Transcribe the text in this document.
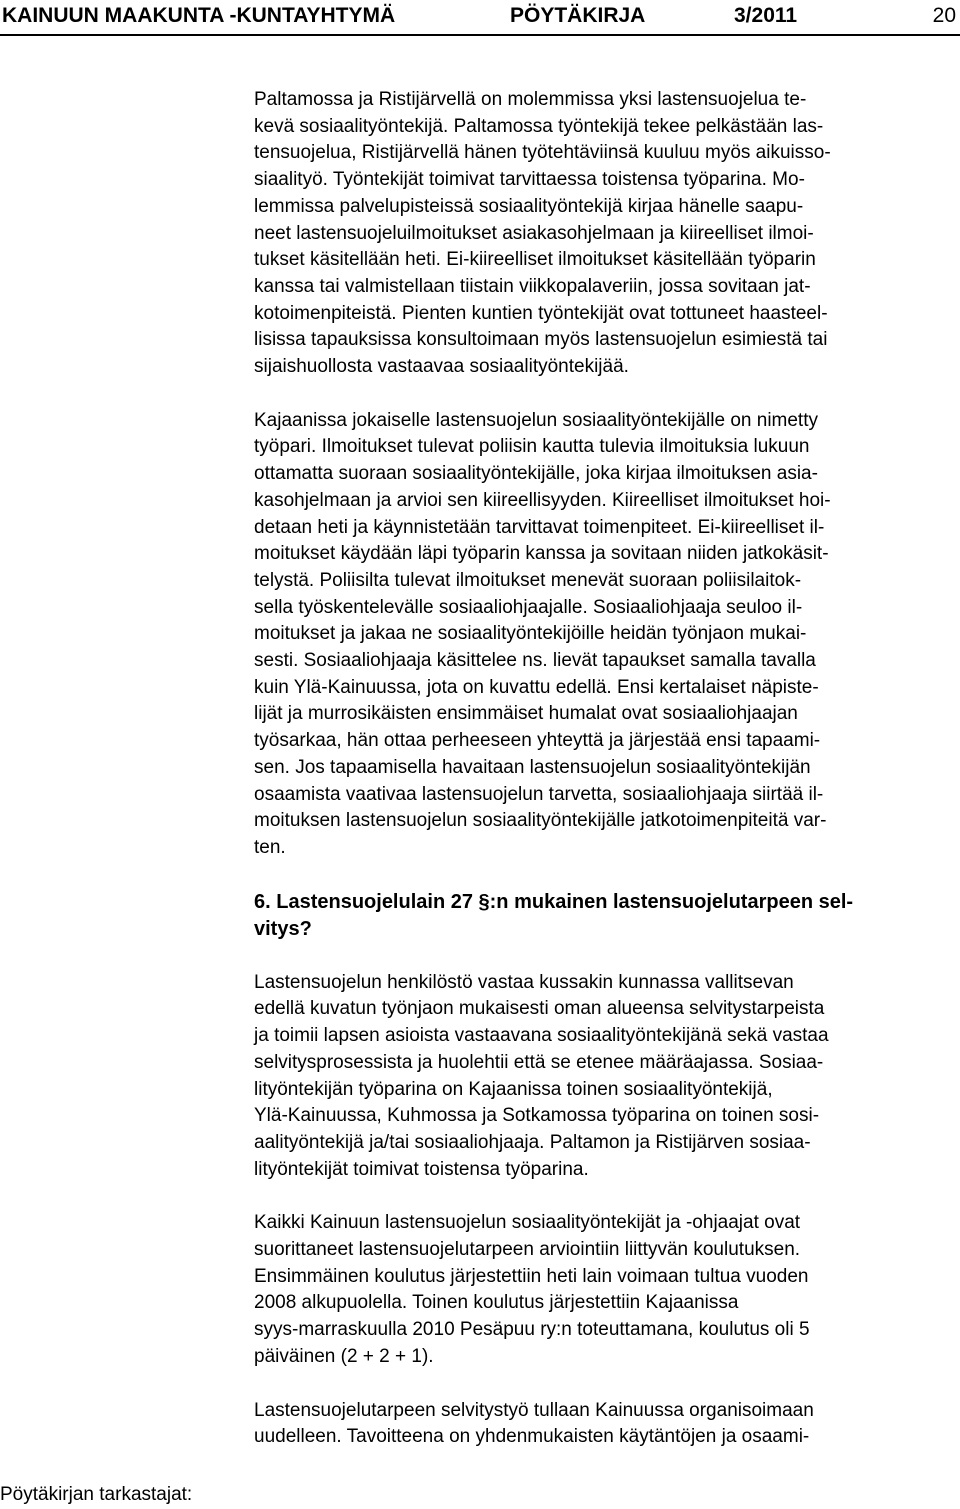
KAINUUN MAAKUNTA -KUNTAYHTYMÄ	PÖYTÄKIRJA	3/2011	20
Paltamossa ja Ristijärvellä on molemmissa yksi lastensuojelua te-
kevä sosiaalityöntekijä. Paltamossa työntekijä tekee pelkästään las-
tensuojelua, Ristijärvellä hänen työtehtäviinsä kuuluu myös aikuisso-
siaalityö. Työntekijät toimivat tarvittaessa toistensa työparina. Mo-
lemmissa palvelupisteissä sosiaalityöntekijä kirjaa hänelle saapu-
neet lastensuojeluilmoitukset asiakasohjelmaan ja kiireelliset ilmoi-
tukset käsitellään heti. Ei-kiireelliset ilmoitukset käsitellään työparin
kanssa tai valmistellaan tiistain viikkopalaveriin, jossa sovitaan jat-
kotoimenpiteistä. Pienten kuntien työntekijät ovat tottuneet haasteel-
lisissa tapauksissa konsultoimaan myös lastensuojelun esimiestä tai
sijaishuollosta vastaavaa sosiaalityöntekijää.
Kajaanissa jokaiselle lastensuojelun sosiaalityöntekijälle on nimetty
työpari. Ilmoitukset tulevat poliisin kautta tulevia ilmoituksia lukuun
ottamatta suoraan sosiaalityöntekijälle, joka kirjaa ilmoituksen asia-
kasohjelmaan ja arvioi sen kiireellisyyden. Kiireelliset ilmoitukset hoi-
detaan heti ja käynnistetään tarvittavat toimenpiteet. Ei-kiireelliset il-
moitukset käydään läpi työparin kanssa ja sovitaan niiden jatkokäsit-
telystä. Poliisilta tulevat ilmoitukset menevät suoraan poliisilaitok-
sella työskentelevälle sosiaaliohjaajalle. Sosiaaliohjaaja seuloo il-
moitukset ja jakaa ne sosiaalityöntekijöille heidän työnjaon mukai-
sesti. Sosiaaliohjaaja käsittelee ns. lievät tapaukset samalla tavalla
kuin Ylä-Kainuussa, jota on kuvattu edellä. Ensi kertalaiset näpiste-
lijät ja murrosikäisten ensimmäiset humalat ovat sosiaaliohjaajan
työsarkaa, hän ottaa perheeseen yhteyttä ja järjestää ensi tapaami-
sen. Jos tapaamisella havaitaan lastensuojelun sosiaalityöntekijän
osaamista vaativaa lastensuojelun tarvetta, sosiaaliohjaaja siirtää il-
moituksen lastensuojelun sosiaalityöntekijälle jatkotoimenpiteitä var-
ten.
6. Lastensuojelulain 27 §:n mukainen lastensuojelutarpeen sel-
vitys?
Lastensuojelun henkilöstö vastaa kussakin kunnassa vallitsevan
edellä kuvatun työnjaon mukaisesti oman alueensa selvitystarpeista
ja toimii lapsen asioista vastaavana sosiaalityöntekijänä sekä vastaa
selvitysprosessista ja huolehtii että se etenee määräajassa. Sosiaa-
lityöntekijän työparina on Kajaanissa toinen sosiaalityöntekijä,
Ylä-Kainuussa, Kuhmossa ja Sotkamossa työparina on toinen sosi-
aalityöntekijä ja/tai sosiaaliohjaaja. Paltamon ja Ristijärven sosiaa-
lityöntekijät toimivat toistensa työparina.
Kaikki Kainuun lastensuojelun sosiaalityöntekijät ja -ohjaajat ovat
suorittaneet lastensuojelutarpeen arviointiin liittyvän koulutuksen.
Ensimmäinen koulutus järjestettiin heti lain voimaan tultua vuoden
2008 alkupuolella. Toinen koulutus järjestettiin Kajaanissa
syys-marraskuulla 2010 Pesäpuu ry:n toteuttamana, koulutus oli 5
päiväinen (2 + 2 + 1).
Lastensuojelutarpeen selvitystyö tullaan Kainuussa organisoimaan
uudelleen. Tavoitteena on yhdenmukaisten käytäntöjen ja osaami-
Pöytäkirjan tarkastajat:
